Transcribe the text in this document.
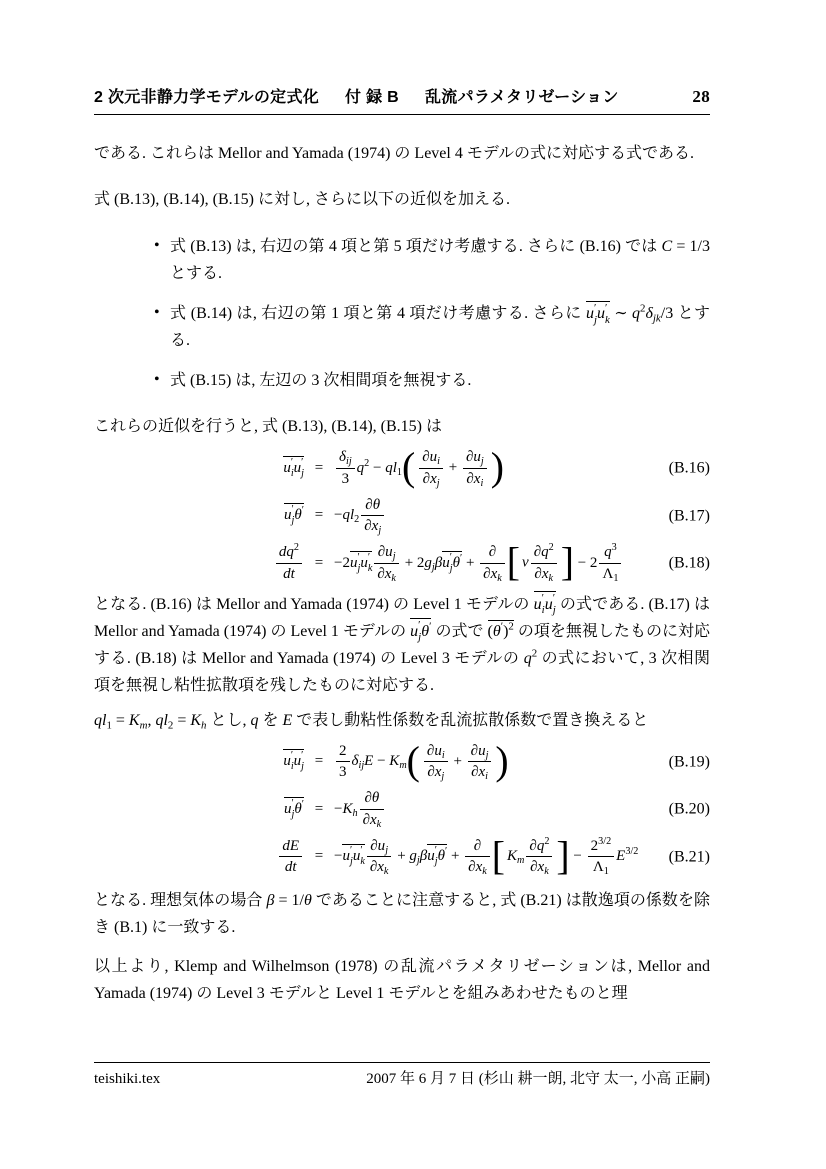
2 次元非静力学モデルの定式化 付 録 B 乱流パラメタリゼーション	28

である. これらは Mellor and Yamada (1974) の Level 4 モデルの式に対応する式である.

式 (B.13), (B.14), (B.15) に対し, さらに以下の近似を加える.

• 式 (B.13) は, 右辺の第 4 項と第 5 項だけ考慮する. さらに (B.16) では C = 1/3 とする.
• 式 (B.14) は, 右辺の第 1 項と第 4 項だけ考慮する. さらに u ′
j u ′
k ∼ $q^2\delta_{jk}/3$ とする.
• 式 (B.15) は, 左辺の 3 次相間項を無視する.

これらの近似を行うと, 式 (B.13), (B.14), (B.15) は

u ′
i u ′
j =
$\delta_{ij}$
3
$q^2 - ql_1$ ( $\frac{\partial u_i}{\partial x_j} + \frac{\partial u_j}{\partial x_i}$ )	(B.16)
u ′
j $\theta' = -ql_2 \frac{\partial\theta}{\partial x_j}$	(B.17)
$\frac{dq^2}{dt} = -2u$ ′
j u ′
k $\frac{\partial u_j}{\partial x_k} + 2g_j\beta u$ ′
j θ′ +
∂
$\partial x_k$ [ ν $\frac{\partial q^2}{\partial x_k}$ ] − $2 \frac{q^3}{\Lambda_1}$	(B.18)

となる. (B.16) は Mellor and Yamada (1974) の Level 1 モデルの u ′
i u ′
j の式である. (B.17) は Mellor and Yamada (1974) の Level 1 モデルの u ′
j θ′ の式で $(\theta')^2$ の項を無視したものに対応する. (B.18) は Mellor and Yamada (1974) の Level 3 モデルの $q^2$ の式において, 3 次相関項を無視し粘性拡散項を残したものに対応する.

$ql_1 = K_m$, $ql_2 = K_h$ とし, q を E で表し動粘性係数を乱流拡散係数で置き換えると

u ′
i u ′
$j = \frac{2}{3} \delta_{ij}E - K_m$ ( $\frac{\partial u_i}{\partial x_j} + \frac{\partial u_j}{\partial x_i}$ )	(B.19)
u ′
j $\theta' = -K_h \frac{\partial\theta}{\partial x_k}$	(B.20)
$\frac{dE}{dt} = -u$ ′
j u ′
k $\frac{\partial u_j}{\partial x_k} + g_j\beta u$ ′
j θ′ +
∂
$\partial x_k$ [ $K_m \frac{\partial q^2}{\partial x_k}$ ] − $\frac{2^{3/2}}{\Lambda_1} E^{3/2}$ (B.21)

となる. 理想気体の場合 β = 1/θ であることに注意すると, 式 (B.21) は散逸項の係数を除き (B.1) に一致する.

以上より, Klemp and Wilhelmson (1978) の乱流パラメタリゼーションは, Mellor and Yamada (1974) の Level 3 モデルと Level 1 モデルとを組みあわせたものと理

teishiki.tex	2007 年 6 月 7 日 (杉山 耕一朗, 北守 太一, 小高 正嗣)
